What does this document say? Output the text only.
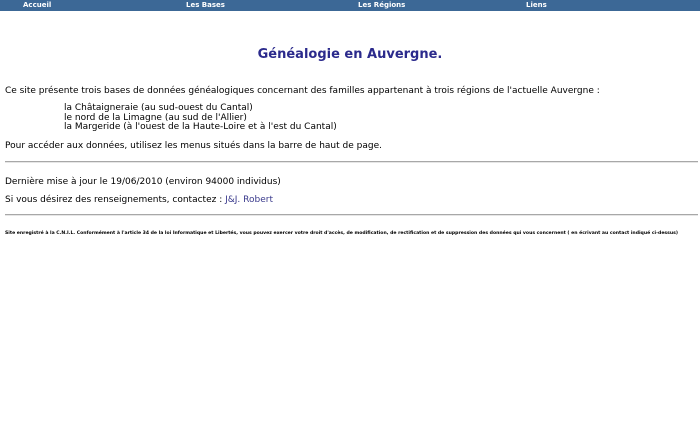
Accueil	Les Bases	Les Régions	Liens
Généalogie en Auvergne.
Ce site présente trois bases de données généalogiques concernant des familles appartenant à trois régions de l'actuelle Auvergne :
la Châtaigneraie (au sud-ouest du Cantal)
le nord de la Limagne (au sud de l'Allier)
la Margeride (à l'ouest de la Haute-Loire et à l'est du Cantal)
Pour accéder aux données, utilisez les menus situés dans la barre de haut de page.
Dernière mise à jour le 19/06/2010 (environ 94000 individus)
Si vous désirez des renseignements, contactez : J&J. Robert
Site enregistré à la C.N.I.L. Conformément à l'article 34 de la loi Informatique et Libertés, vous pouvez exercer votre droit d'accès, de modification, de rectification et de suppression des données qui vous concernent ( en écrivant au contact indiqué ci-dessus)
